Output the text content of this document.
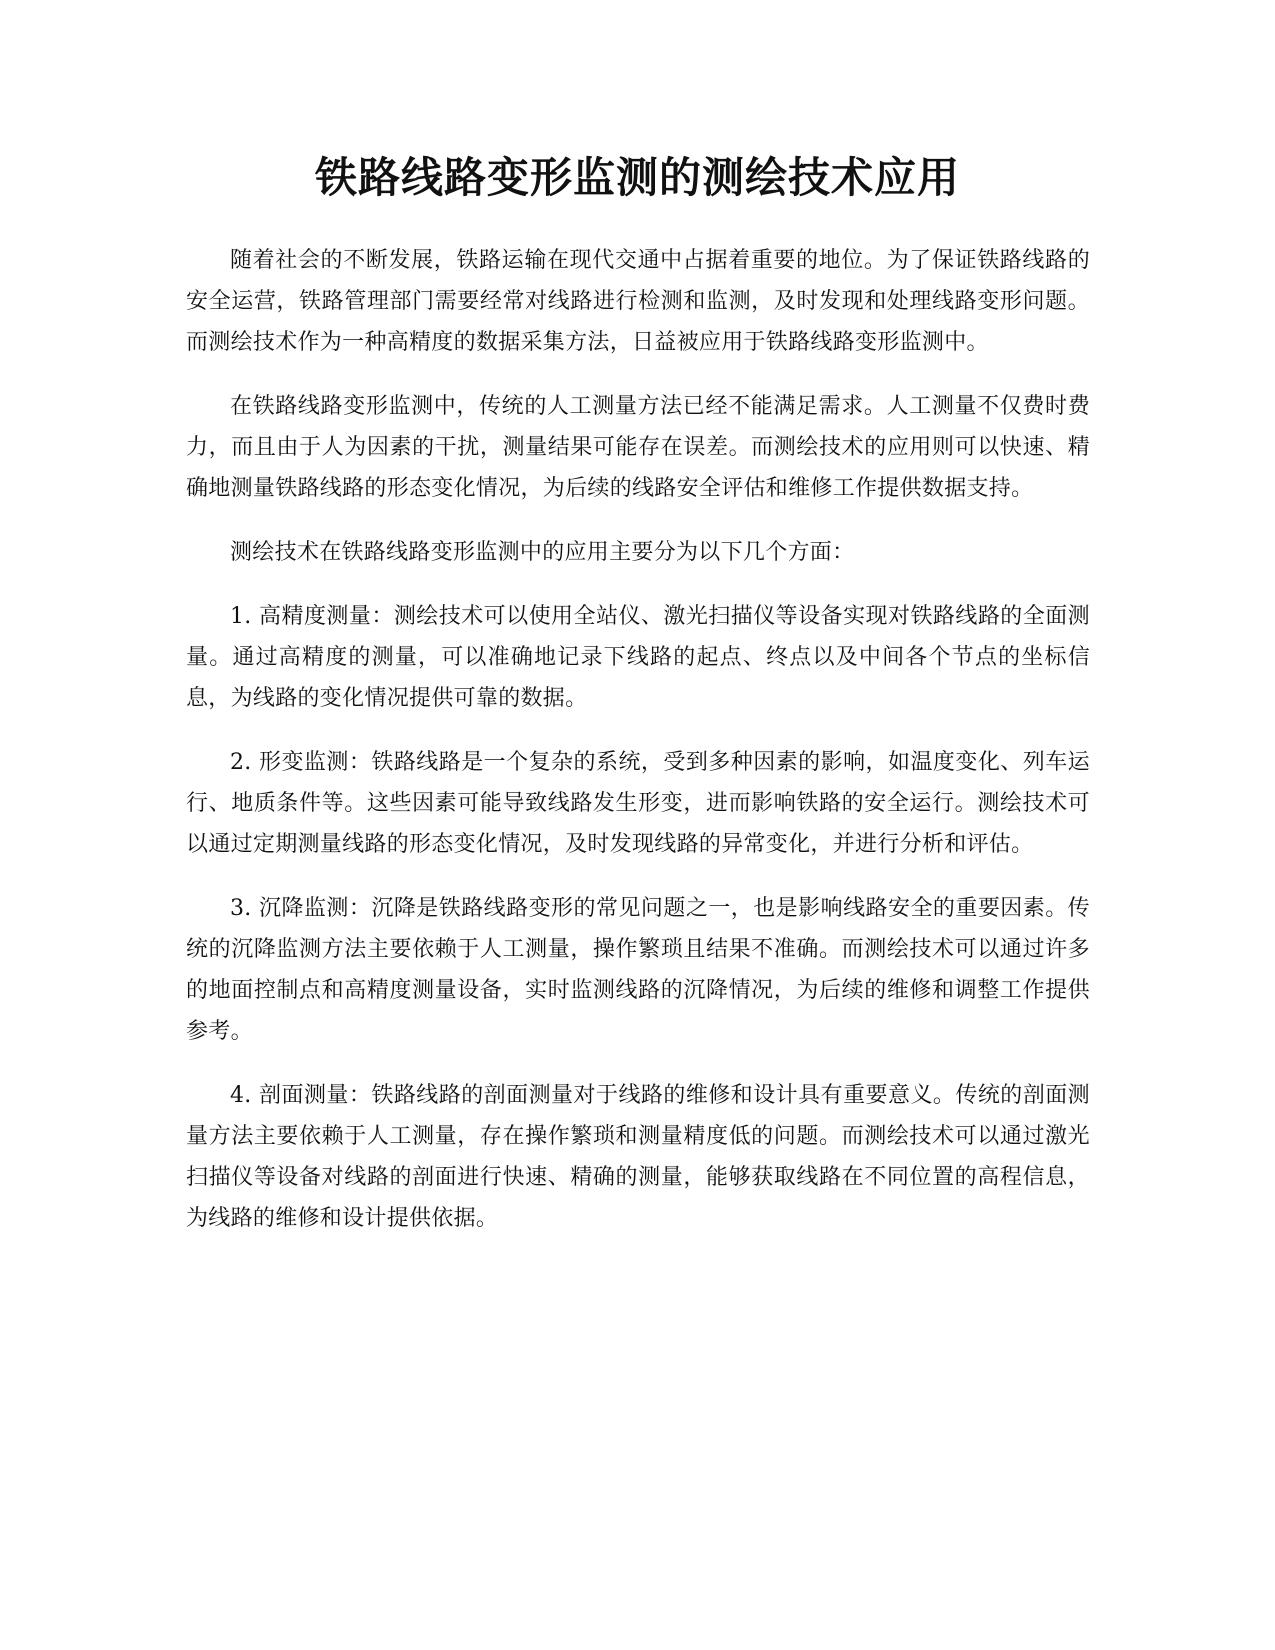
铁路线路变形监测的测绘技术应用

随着社会的不断发展，铁路运输在现代交通中占据着重要的地位。为了保证铁路线路的安全运营，铁路管理部门需要经常对线路进行检测和监测，及时发现和处理线路变形问题。而测绘技术作为一种高精度的数据采集方法，日益被应用于铁路线路变形监测中。

在铁路线路变形监测中，传统的人工测量方法已经不能满足需求。人工测量不仅费时费力，而且由于人为因素的干扰，测量结果可能存在误差。而测绘技术的应用则可以快速、精确地测量铁路线路的形态变化情况，为后续的线路安全评估和维修工作提供数据支持。

测绘技术在铁路线路变形监测中的应用主要分为以下几个方面：

1. 高精度测量：测绘技术可以使用全站仪、激光扫描仪等设备实现对铁路线路的全面测量。通过高精度的测量，可以准确地记录下线路的起点、终点以及中间各个节点的坐标信息，为线路的变化情况提供可靠的数据。

2. 形变监测：铁路线路是一个复杂的系统，受到多种因素的影响，如温度变化、列车运行、地质条件等。这些因素可能导致线路发生形变，进而影响铁路的安全运行。测绘技术可以通过定期测量线路的形态变化情况，及时发现线路的异常变化，并进行分析和评估。

3. 沉降监测：沉降是铁路线路变形的常见问题之一，也是影响线路安全的重要因素。传统的沉降监测方法主要依赖于人工测量，操作繁琐且结果不准确。而测绘技术可以通过许多的地面控制点和高精度测量设备，实时监测线路的沉降情况，为后续的维修和调整工作提供参考。

4. 剖面测量：铁路线路的剖面测量对于线路的维修和设计具有重要意义。传统的剖面测量方法主要依赖于人工测量，存在操作繁琐和测量精度低的问题。而测绘技术可以通过激光扫描仪等设备对线路的剖面进行快速、精确的测量，能够获取线路在不同位置的高程信息，为线路的维修和设计提供依据。
